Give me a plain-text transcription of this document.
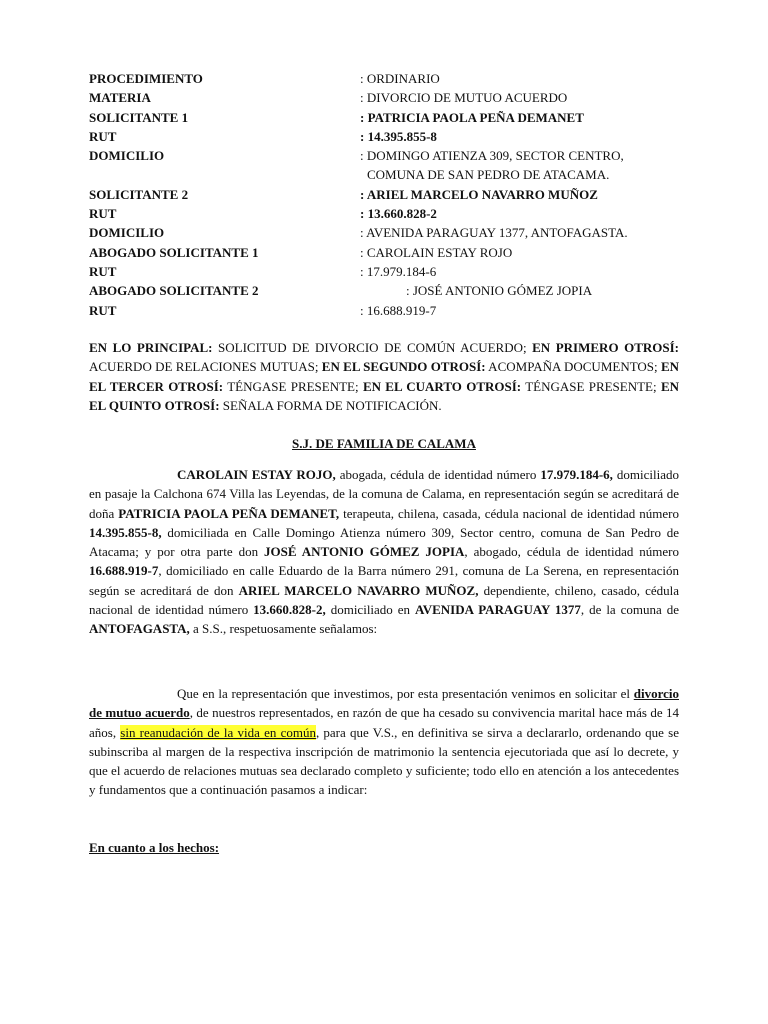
PROCEDIMIENTO	: ORDINARIO
MATERIA	: DIVORCIO DE MUTUO ACUERDO
SOLICITANTE 1	: PATRICIA PAOLA PEÑA DEMANET
RUT	: 14.395.855-8
DOMICILIO	: DOMINGO ATIENZA 309, SECTOR CENTRO,
COMUNA DE SAN PEDRO DE ATACAMA.
SOLICITANTE 2	: ARIEL MARCELO NAVARRO MUÑOZ
RUT	: 13.660.828-2
DOMICILIO	: AVENIDA PARAGUAY 1377, ANTOFAGASTA.
ABOGADO SOLICITANTE 1	: CAROLAIN ESTAY ROJO
RUT	: 17.979.184-6
ABOGADO SOLICITANTE 2	: JOSÉ ANTONIO GÓMEZ JOPIA
RUT	: 16.688.919-7
EN LO PRINCIPAL: SOLICITUD DE DIVORCIO DE COMÚN ACUERDO; EN PRIMERO OTROSÍ: ACUERDO DE RELACIONES MUTUAS; EN EL SEGUNDO OTROSÍ: ACOMPAÑA DOCUMENTOS; EN EL TERCER OTROSÍ: TÉNGASE PRESENTE; EN EL CUARTO OTROSÍ: TÉNGASE PRESENTE; EN EL QUINTO OTROSÍ: SEÑALA FORMA DE NOTIFICACIÓN.
S.J. DE FAMILIA DE CALAMA
CAROLAIN ESTAY ROJO, abogada, cédula de identidad número 17.979.184-6, domiciliado en pasaje la Calchona 674 Villa las Leyendas, de la comuna de Calama, en representación según se acreditará de doña PATRICIA PAOLA PEÑA DEMANET, terapeuta, chilena, casada, cédula nacional de identidad número 14.395.855-8, domiciliada en Calle Domingo Atienza número 309, Sector centro, comuna de San Pedro de Atacama; y por otra parte don JOSÉ ANTONIO GÓMEZ JOPIA, abogado, cédula de identidad número 16.688.919-7, domiciliado en calle Eduardo de la Barra número 291, comuna de La Serena, en representación según se acreditará de don ARIEL MARCELO NAVARRO MUÑOZ, dependiente, chileno, casado, cédula nacional de identidad número 13.660.828-2, domiciliado en AVENIDA PARAGUAY 1377, de la comuna de ANTOFAGASTA, a S.S., respetuosamente señalamos:
Que en la representación que investimos, por esta presentación venimos en solicitar el divorcio de mutuo acuerdo, de nuestros representados, en razón de que ha cesado su convivencia marital hace más de 14 años, sin reanudación de la vida en común, para que V.S., en definitiva se sirva a declararlo, ordenando que se subinscriba al margen de la respectiva inscripción de matrimonio la sentencia ejecutoriada que así lo decrete, y que el acuerdo de relaciones mutuas sea declarado completo y suficiente; todo ello en atención a los antecedentes y fundamentos que a continuación pasamos a indicar:
En cuanto a los hechos:
